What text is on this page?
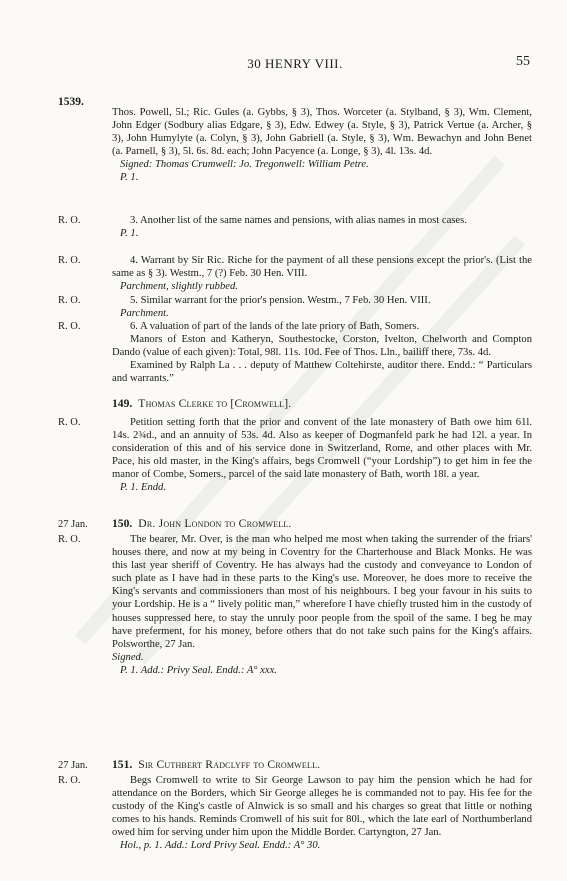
30 HENRY VIII.	55
1539.
R. O.
R. O.
R. O.
R. O.
R. O.
27 Jan.
R. O.
27 Jan.
R. O.

Thos. Powell, 5l.; Ric. Gules (a. Gybbs, § 3), Thos. Worceter (a. Stylband, § 3), Wm. Clement, John Edger (Sodbury alias Edgare, § 3), Edw. Edwey (a. Style, § 3), Patrick Vertue (a. Archer, § 3), John Humylyte (a. Colyn, § 3), John Gabriell (a. Style, § 3), Wm. Bewachyn and John Benet (a. Parnell, § 3), 5l. 6s. 8d. each; John Pacyence (a. Longe, § 3), 4l. 13s. 4d.

Signed: Thomas Crumwell: Jo. Tregonwell: William Petre.

P. 1.

3. Another list of the same names and pensions, with alias names in most cases.

P. 1.

4. Warrant by Sir Ric. Riche for the payment of all these pensions except the prior's. (List the same as § 3). Westm., 7 (?) Feb. 30 Hen. VIII.

Parchment, slightly rubbed.

5. Similar warrant for the prior's pension. Westm., 7 Feb. 30 Hen. VIII.

Parchment.

6. A valuation of part of the lands of the late priory of Bath, Somers.

Manors of Eston and Katheryn, Southestocke, Corston, Ivelton, Chelworth and Compton Dando (value of each given): Total, 98l. 11s. 10d. Fee of Thos. Lln., bailiff there, 73s. 4d.

Examined by Ralph La . . . deputy of Matthew Coltehirste, auditor there. Endd.: “ Particulars and warrants.”

149. Thomas Clerke to [Cromwell].

Petition setting forth that the prior and convent of the late monastery of Bath owe him 61l. 14s. 2¾d., and an annuity of 53s. 4d. Also as keeper of Dogmanfeld park he had 12l. a year. In consideration of this and of his service done in Switzerland, Rome, and other places with Mr. Pace, his old master, in the King's affairs, begs Cromwell (“your Lordship”) to get him in fee the manor of Combe, Somers., parcel of the said late monastery of Bath, worth 18l. a year.

P. 1. Endd.

150. Dr. John London to Cromwell.

The bearer, Mr. Over, is the man who helped me most when taking the surrender of the friars' houses there, and now at my being in Coventry for the Charterhouse and Black Monks. He was this last year sheriff of Coventry. He has always had the custody and conveyance to London of such plate as I have had in these parts to the King's use. Moreover, he does more to receive the King's servants and commissioners than most of his neighbours. I beg your favour in his suits to your Lordship. He is a “ lively politic man,” wherefore I have chiefly trusted him in the custody of houses suppressed here, to stay the unruly poor people from the spoil of the same. I beg he may have preferment, for his money, before others that do not take such pains for the King's affairs. Polsworthe, 27 Jan.

Signed.

P. 1. Add.: Privy Seal. Endd.: A° xxx.

151. Sir Cuthbert Radclyff to Cromwell.

Begs Cromwell to write to Sir George Lawson to pay him the pension which he had for attendance on the Borders, which Sir George alleges he is commanded not to pay. His fee for the custody of the King's castle of Alnwick is so small and his charges so great that little or nothing comes to his hands. Reminds Cromwell of his suit for 80l., which the late earl of Northumberland owed him for serving under him upon the Middle Border. Cartyngton, 27 Jan.

Hol., p. 1. Add.: Lord Privy Seal. Endd.: A° 30.
